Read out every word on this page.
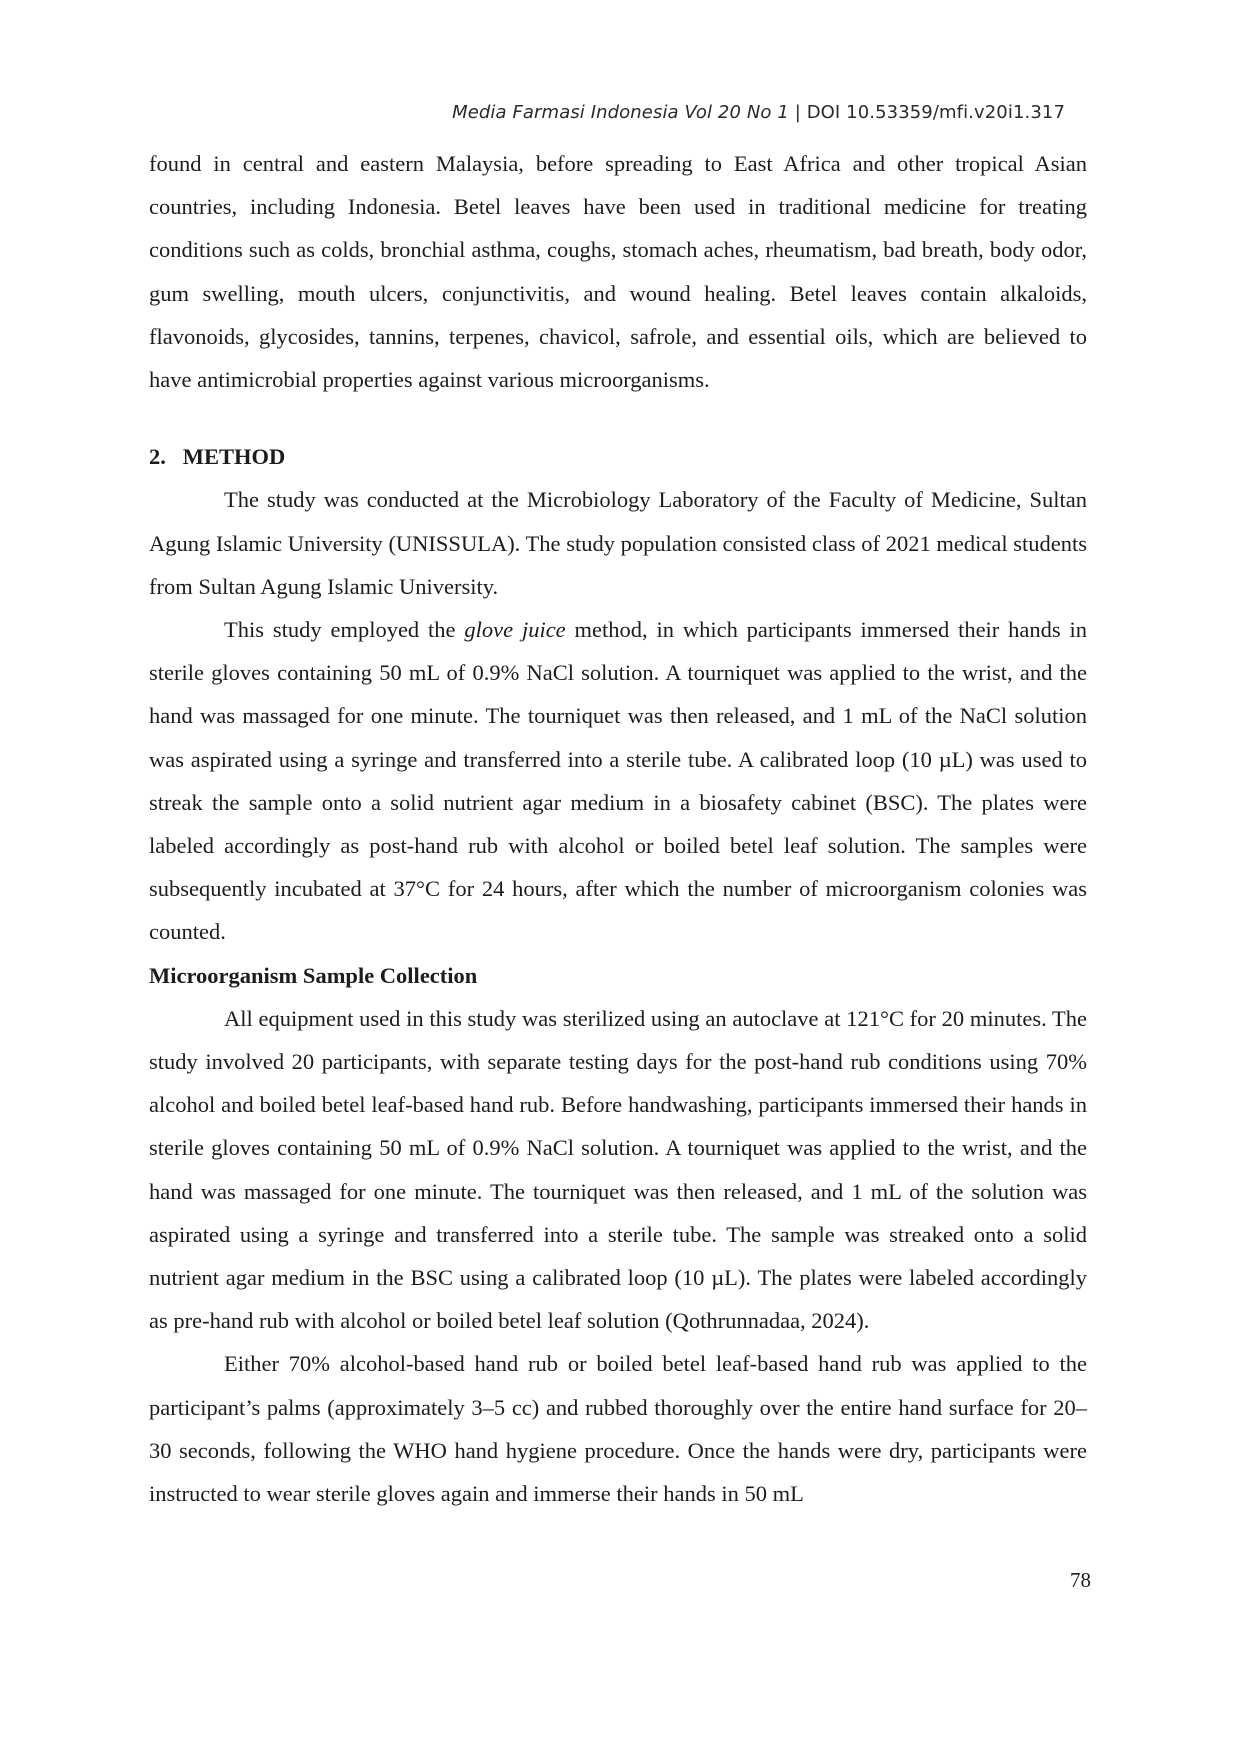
Media Farmasi Indonesia Vol 20 No 1 | DOI 10.53359/mfi.v20i1.317

found in central and eastern Malaysia, before spreading to East Africa and other tropical Asian countries, including Indonesia. Betel leaves have been used in traditional medicine for treating conditions such as colds, bronchial asthma, coughs, stomach aches, rheumatism, bad breath, body odor, gum swelling, mouth ulcers, conjunctivitis, and wound healing. Betel leaves contain alkaloids, flavonoids, glycosides, tannins, terpenes, chavicol, safrole, and essential oils, which are believed to have antimicrobial properties against various microorganisms.

2.   METHOD

The study was conducted at the Microbiology Laboratory of the Faculty of Medicine, Sultan Agung Islamic University (UNISSULA). The study population consisted class of 2021 medical students from Sultan Agung Islamic University.

This study employed the glove juice method, in which participants immersed their hands in sterile gloves containing 50 mL of 0.9% NaCl solution. A tourniquet was applied to the wrist, and the hand was massaged for one minute. The tourniquet was then released, and 1 mL of the NaCl solution was aspirated using a syringe and transferred into a sterile tube. A calibrated loop (10 µL) was used to streak the sample onto a solid nutrient agar medium in a biosafety cabinet (BSC). The plates were labeled accordingly as post-hand rub with alcohol or boiled betel leaf solution. The samples were subsequently incubated at 37°C for 24 hours, after which the number of microorganism colonies was counted.

Microorganism Sample Collection

All equipment used in this study was sterilized using an autoclave at 121°C for 20 minutes. The study involved 20 participants, with separate testing days for the post-hand rub conditions using 70% alcohol and boiled betel leaf-based hand rub. Before handwashing, participants immersed their hands in sterile gloves containing 50 mL of 0.9% NaCl solution. A tourniquet was applied to the wrist, and the hand was massaged for one minute. The tourniquet was then released, and 1 mL of the solution was aspirated using a syringe and transferred into a sterile tube. The sample was streaked onto a solid nutrient agar medium in the BSC using a calibrated loop (10 µL). The plates were labeled accordingly as pre-hand rub with alcohol or boiled betel leaf solution (Qothrunnadaa, 2024).

Either 70% alcohol-based hand rub or boiled betel leaf-based hand rub was applied to the participant’s palms (approximately 3–5 cc) and rubbed thoroughly over the entire hand surface for 20–30 seconds, following the WHO hand hygiene procedure. Once the hands were dry, participants were instructed to wear sterile gloves again and immerse their hands in 50 mL

78
